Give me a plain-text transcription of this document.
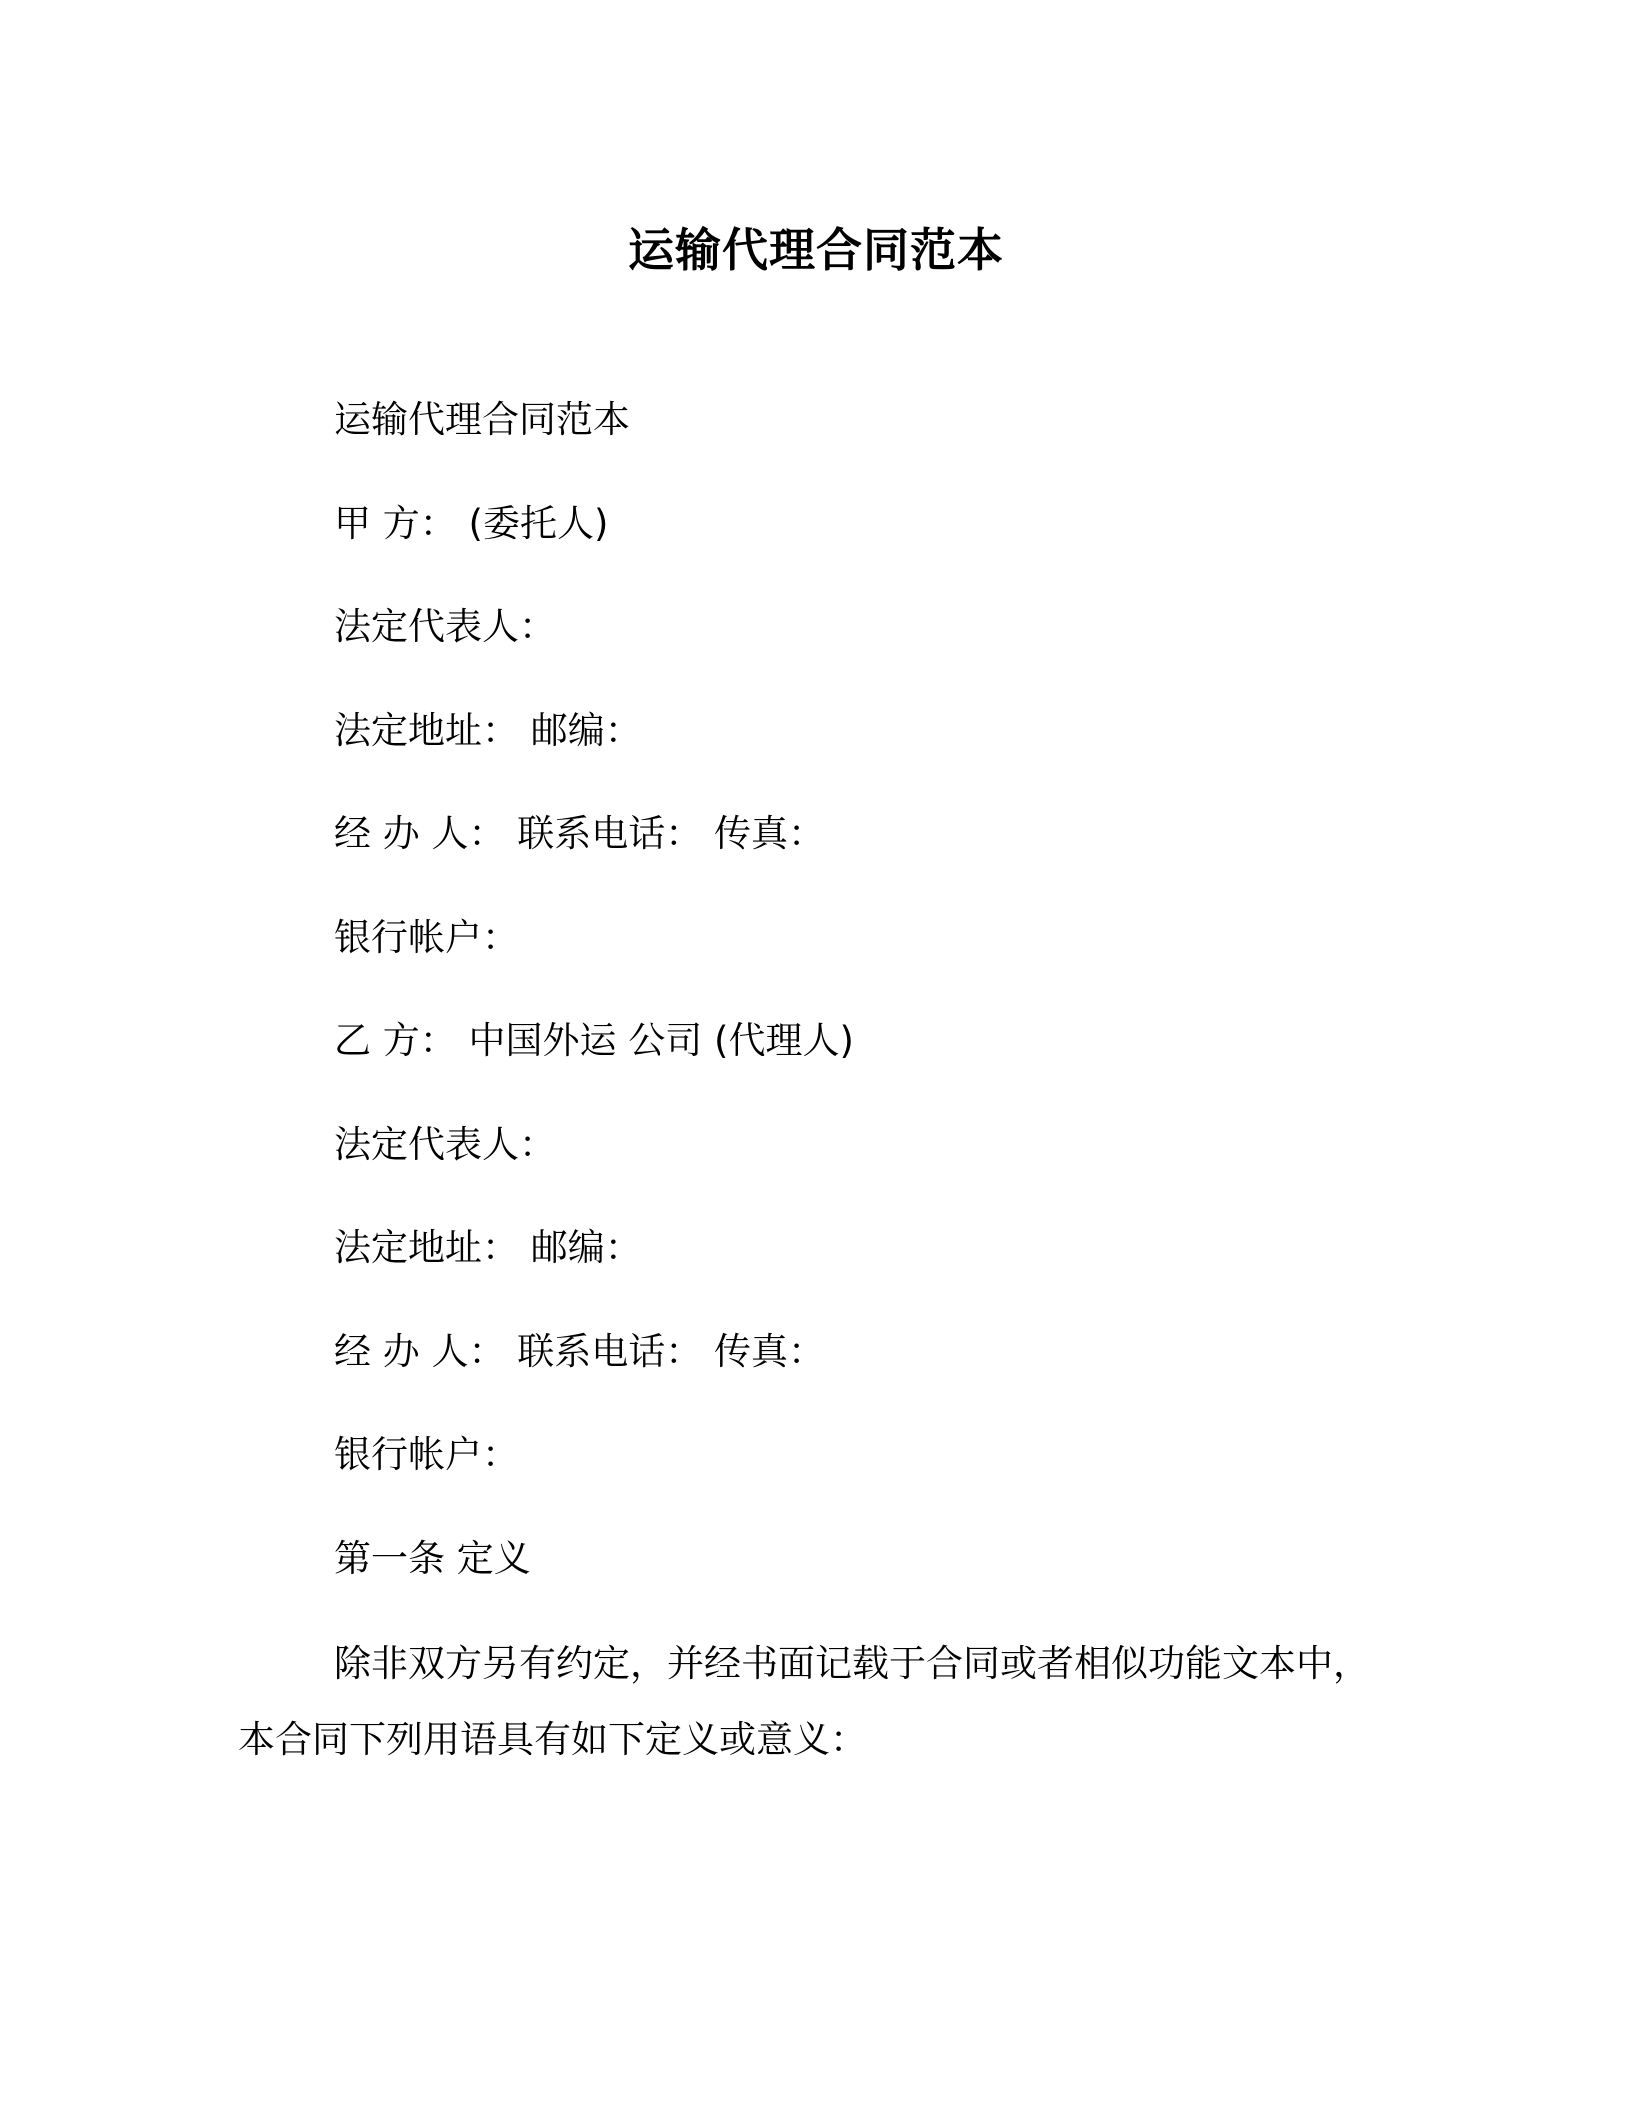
运输代理合同范本
运输代理合同范本
甲 方： (委托人)
法定代表人：
法定地址： 邮编：
经 办 人： 联系电话： 传真：
银行帐户：
乙 方： 中国外运 公司 (代理人)
法定代表人：
法定地址： 邮编：
经 办 人： 联系电话： 传真：
银行帐户：
第一条 定义
除非双方另有约定，并经书面记载于合同或者相似功能文本中，
本合同下列用语具有如下定义或意义：
